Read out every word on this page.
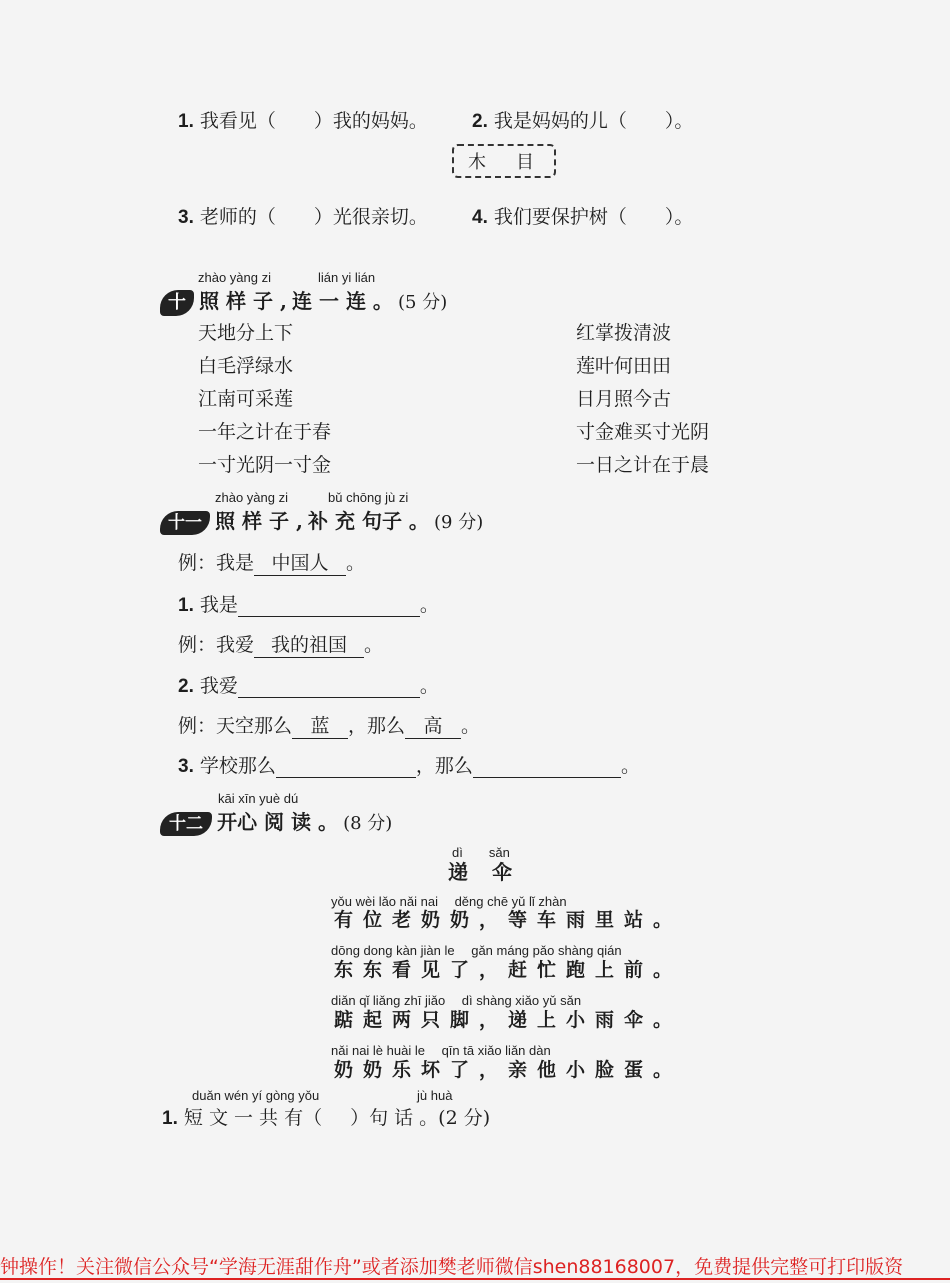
1. 我看见（　　）我的妈妈。 2. 我是妈妈的儿（　　）。
木　目
3. 老师的（　　）光很亲切。 4. 我们要保护树（　　）。
zhào yàng zi	lián yi lián
十 照 样 子 , 连 一 连 。 (5 分)
天地分上下
白毛浮绿水
江南可采莲
一年之计在于春
一寸光阴一寸金
红掌拨清波
莲叶何田田
日月照今古
寸金难买寸光阴
一日之计在于晨
zhào yàng zi	bǔ chōng jù zi
十一 照 样 子 , 补 充 句子 。 (9 分)
例：我是 中国人 。
1. 我是	。
例：我爱 我的祖国 。
2. 我爱	。
例：天空那么 蓝 ，那么 高 。
3. 学校那么	，那么	。
kāi xīn yuè dú
十二 开心 阅 读 。 (8 分)
dì　　sǎn
递　伞
yǒu wèi lǎo nǎi nai　 děng chē yǔ lǐ zhàn
有位老奶奶，等车雨里站。
dōng dong kàn jiàn le　 gǎn máng pǎo shàng qián
东东看见了，赶忙跑上前。
diǎn qǐ liǎng zhī jiǎo　 dì shàng xiǎo yǔ sǎn
踮起两只脚，递上小雨伞。
nǎi nai lè huài le　 qīn tā xiǎo liǎn dàn
奶奶乐坏了，亲他小脸蛋。
duǎn wén yí gòng yǒu	jù huà
1. 短 文 一 共 有（ ）句 话 。(2 分)
钟操作！关注微信公众号“学海无涯甜作舟”或者添加樊老师微信shen88168007，免费提供完整可打印版资
